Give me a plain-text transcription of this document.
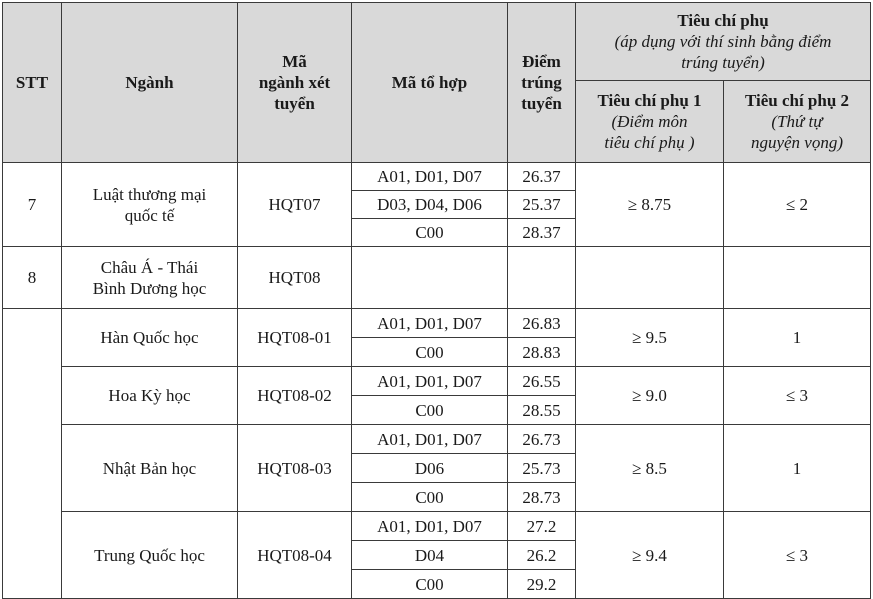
STT	Ngành	Mã
ngành xét
tuyển	Mã tổ hợp	Điểm
trúng
tuyển	Tiêu chí phụ
(áp dụng với thí sinh bằng điểm
trúng tuyển)	

					Tiêu chí phụ 1
(Điểm môn
tiêu chí phụ )	Tiêu chí phụ 2
(Thứ tự
nguyện vọng)

7	Luật thương mại
quốc tế	HQT07	A01, D01, D07	26.37	≥ 8.75	≤ 2
			D03, D04, D06	25.37		
			C00	28.37		
8	Châu Á - Thái
Bình Dương học	HQT08				
	Hàn Quốc học	HQT08-01	A01, D01, D07	26.83	≥ 9.5	1
			C00	28.83		
	Hoa Kỳ học	HQT08-02	A01, D01, D07	26.55	≥ 9.0	≤ 3
			C00	28.55		
	Nhật Bản học	HQT08-03	A01, D01, D07	26.73	≥ 8.5	1
			D06	25.73		
			C00	28.73		
	Trung Quốc học	HQT08-04	A01, D01, D07	27.2	≥ 9.4	≤ 3
			D04	26.2		
			C00	29.2		
